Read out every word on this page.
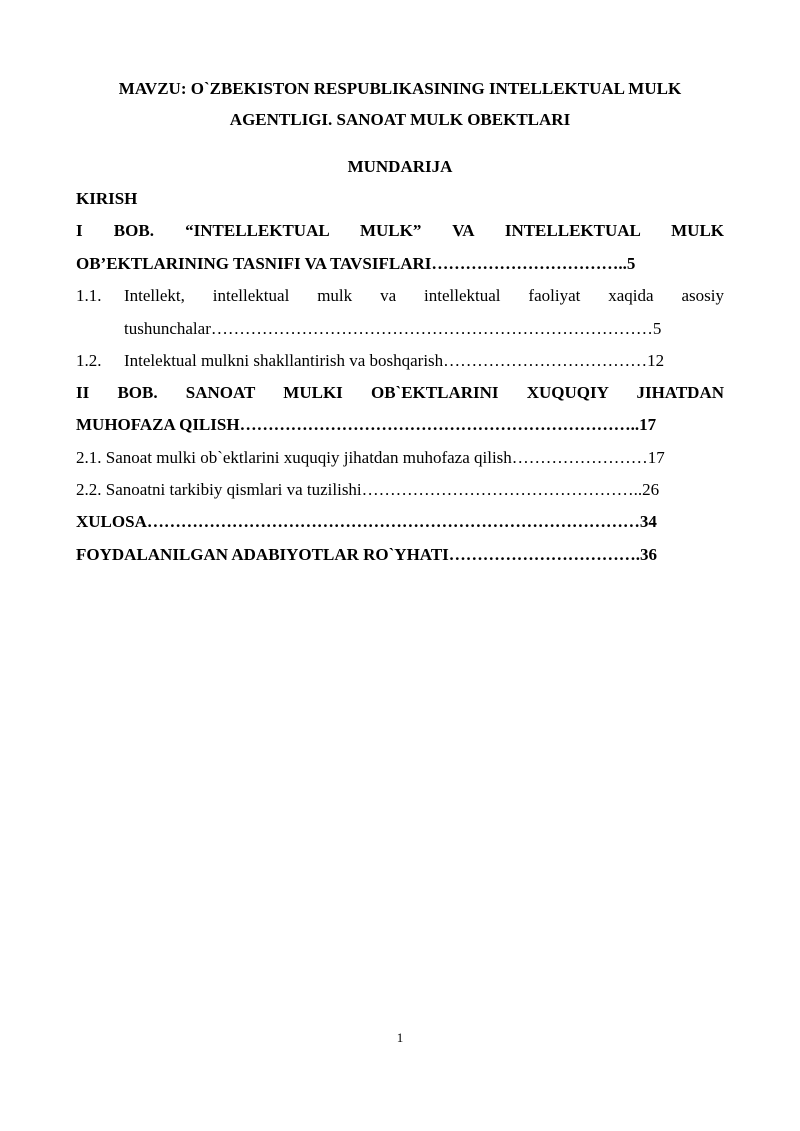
MAVZU: O`ZBEKISTON RESPUBLIKASINING INTELLEKTUAL MULK
AGENTLIGI. SANOAT MULK OBEKTLARI
MUNDARIJA
KIRISH
I BOB. “INTELLEKTUAL MULK” VA INTELLEKTUAL MULK
OB’EKTLARINING TASNIFI VA TAVSIFLARI……………………………..5
1.1. Intellekt, intellektual mulk va intellektual faoliyat xaqida asosiy
tushunchalar……………………………………………………………………5
1.2. Intelektual mulkni shakllantirish va boshqarish………………………………12
II BOB. SANOAT MULKI OB`EKTLARINI XUQUQIY JIHATDAN
MUHOFAZA QILISH……………………………………………………………..17
2.1. Sanoat mulki ob`ektlarini xuquqiy jihatdan muhofaza qilish……………………17
2.2. Sanoatni tarkibiy qismlari va tuzilishi…………………………………………..26
XULOSA……………………………………………………………………………34
FOYDALANILGAN ADABIYOTLAR RO`YHATI…………………………….36
1
